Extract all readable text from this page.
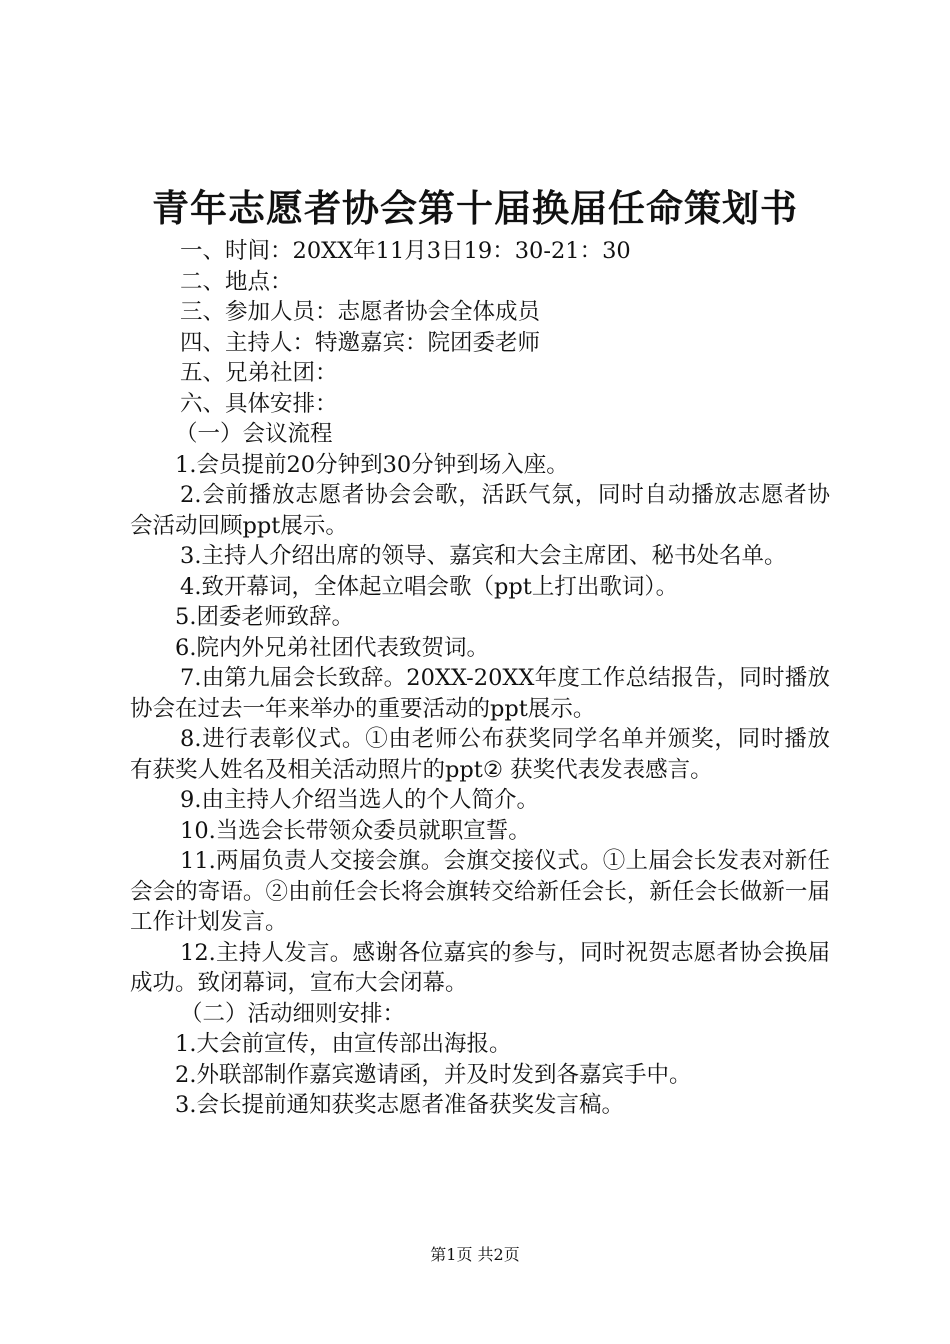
青年志愿者协会第十届换届任命策划书

一、时间：20XX年11月3日19：30-21：30

二、地点：

三、参加人员：志愿者协会全体成员

四、主持人：特邀嘉宾：院团委老师

五、兄弟社团：

六、具体安排：

（一）会议流程

1.会员提前20分钟到30分钟到场入座。

2.会前播放志愿者协会会歌，活跃气氛，同时自动播放志愿者协会活动回顾ppt展示。

3.主持人介绍出席的领导、嘉宾和大会主席团、秘书处名单。

4.致开幕词，全体起立唱会歌（ppt上打出歌词）。

5.团委老师致辞。

6.院内外兄弟社团代表致贺词。

7.由第九届会长致辞。20XX-20XX年度工作总结报告，同时播放协会在过去一年来举办的重要活动的ppt展示。

8.进行表彰仪式。①由老师公布获奖同学名单并颁奖，同时播放有获奖人姓名及相关活动照片的ppt② 获奖代表发表感言。

9.由主持人介绍当选人的个人简介。

10.当选会长带领众委员就职宣誓。

11.两届负责人交接会旗。会旗交接仪式。①上届会长发表对新任会会的寄语。②由前任会长将会旗转交给新任会长，新任会长做新一届工作计划发言。

12.主持人发言。感谢各位嘉宾的参与，同时祝贺志愿者协会换届成功。致闭幕词，宣布大会闭幕。

（二）活动细则安排：

1.大会前宣传，由宣传部出海报。

2.外联部制作嘉宾邀请函，并及时发到各嘉宾手中。

3.会长提前通知获奖志愿者准备获奖发言稿。

第1页 共2页
